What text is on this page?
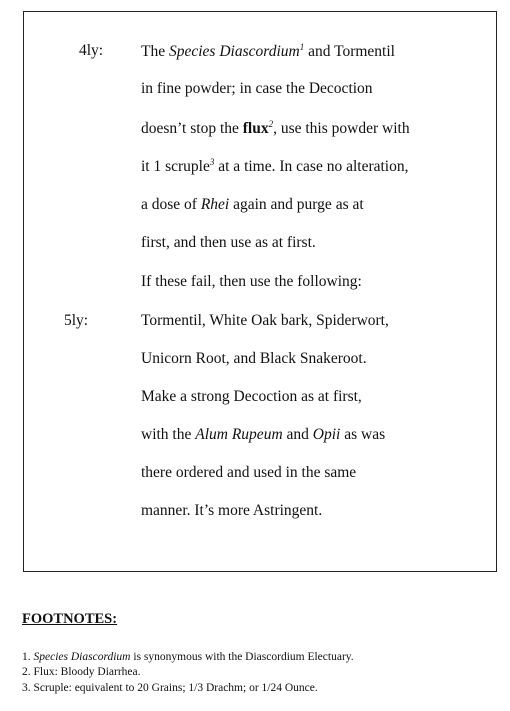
4ly: The Species Diascordium$^1$ and Tormentil
in fine powder; in case the Decoction
doesn’t stop the flux$^2$, use this powder with
it 1 scruple$^3$ at a time. In case no alteration,
a dose of Rhei again and purge as at
first, and then use as at first.
If these fail, then use the following:
5ly:	Tormentil, White Oak bark, Spiderwort,
Unicorn Root, and Black Snakeroot.
Make a strong Decoction as at first,
with the Alum Rupeum and Opii as was
there ordered and used in the same
manner. It’s more Astringent.
FOOTNOTES:
1. Species Diascordium is synonymous with the Diascordium Electuary.
2. Flux: Bloody Diarrhea.
3. Scruple: equivalent to 20 Grains; 1/3 Drachm; or 1/24 Ounce.
